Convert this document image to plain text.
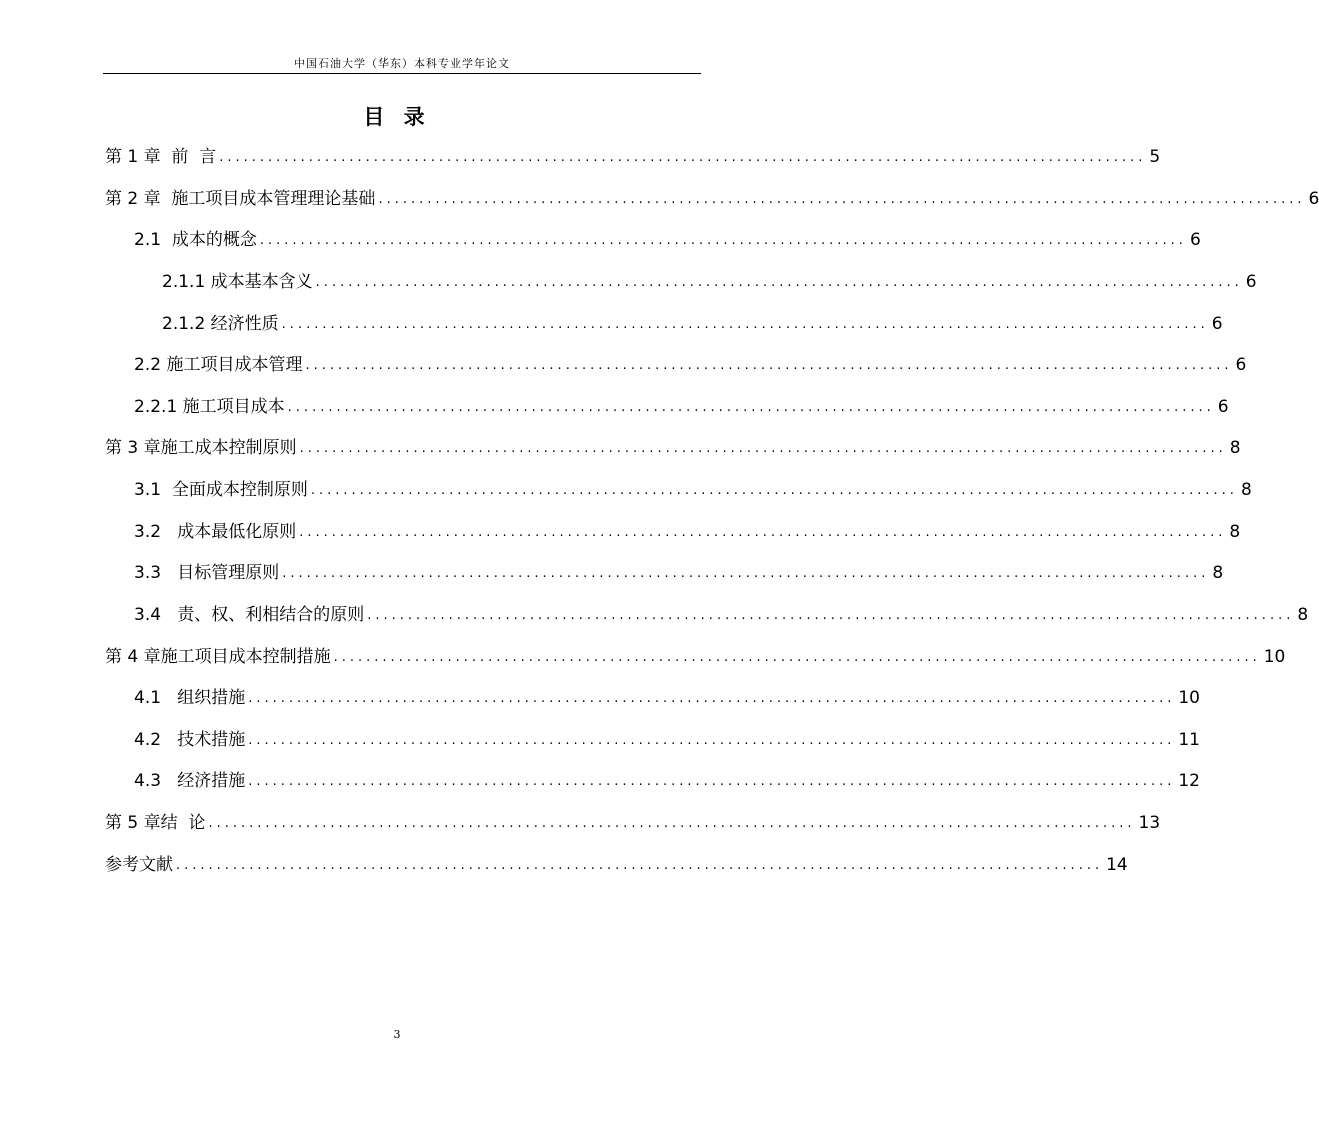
中国石油大学（华东）本科专业学年论文
目 录
第 1 章  前  言 .................................................................................................................. 5
第 2 章  施工项目成本管理理论基础 .................................................................................................................. 6
2.1  成本的概念 .................................................................................................................. 6
2.1.1 成本基本含义 .................................................................................................................. 6
2.1.2 经济性质 .................................................................................................................. 6
2.2 施工项目成本管理 .................................................................................................................. 6
2.2.1 施工项目成本 .................................................................................................................. 6
第 3 章施工成本控制原则 .................................................................................................................. 8
3.1  全面成本控制原则 .................................................................................................................. 8
3.2   成本最低化原则 .................................................................................................................. 8
3.3   目标管理原则 .................................................................................................................. 8
3.4   责、权、利相结合的原则 .................................................................................................................. 8
第 4 章施工项目成本控制措施 .................................................................................................................. 10
4.1   组织措施 .................................................................................................................. 10
4.2   技术措施 .................................................................................................................. 11
4.3   经济措施 .................................................................................................................. 12
第 5 章结  论 .................................................................................................................. 13
参考文献 .................................................................................................................. 14
3
